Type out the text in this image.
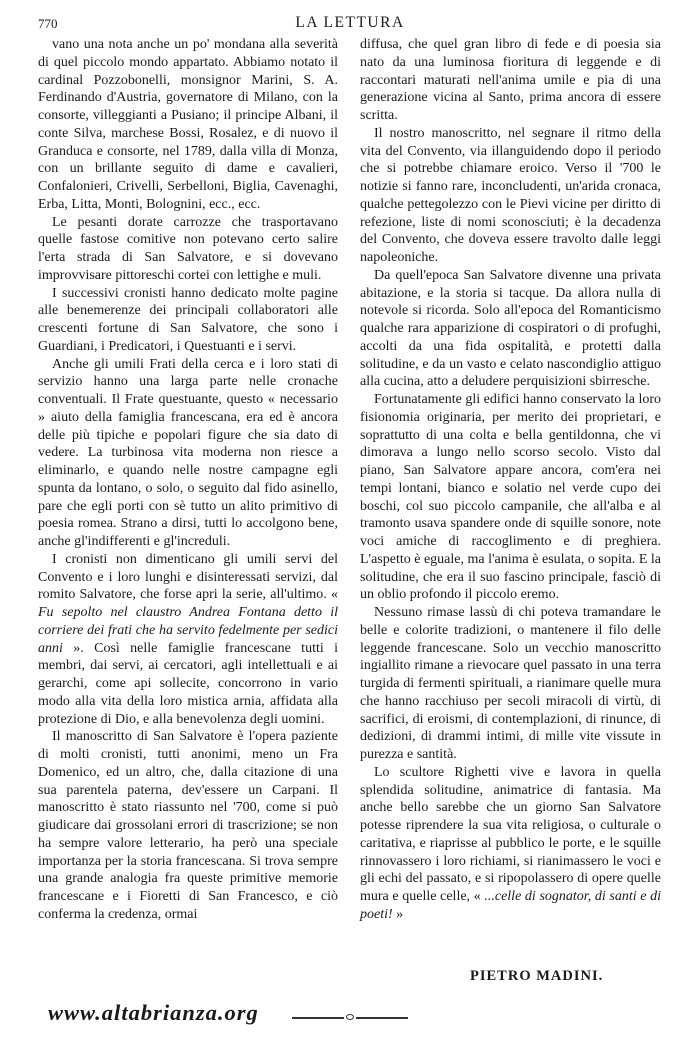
770	LA LETTURA

vano una nota anche un po' mondana alla severità di quel piccolo mondo appartato. Abbiamo notato il cardinal Pozzobonelli, monsignor Marini, S. A. Ferdinando d'Austria, governatore di Milano, con la consorte, villeggianti a Pusiano; il principe Albani, il conte Silva, marchese Bossi, Rosalez, e di nuovo il Granduca e consorte, nel 1789, dalla villa di Monza, con un brillante seguito di dame e cavalieri, Confalonieri, Crivelli, Serbelloni, Biglia, Cavenaghi, Erba, Litta, Monti, Bolognini, ecc., ecc.

Le pesanti dorate carrozze che trasportavano quelle fastose comitive non potevano certo salire l'erta strada di San Salvatore, e si dovevano improvvisare pittoreschi cortei con lettighe e muli.

I successivi cronisti hanno dedicato molte pagine alle benemerenze dei principali collaboratori alle crescenti fortune di San Salvatore, che sono i Guardiani, i Predicatori, i Questuanti e i servi.

Anche gli umili Frati della cerca e i loro stati di servizio hanno una larga parte nelle cronache conventuali. Il Frate questuante, questo « necessario » aiuto della famiglia francescana, era ed è ancora delle più tipiche e popolari figure che sia dato di vedere. La turbinosa vita moderna non riesce a eliminarlo, e quando nelle nostre campagne egli spunta da lontano, o solo, o seguito dal fido asinello, pare che egli porti con sè tutto un alito primitivo di poesia romea. Strano a dirsi, tutti lo accolgono bene, anche gl'indifferenti e gl'increduli.

I cronisti non dimenticano gli umili servi del Convento e i loro lunghi e disinteressati servizi, dal romito Salvatore, che forse apri la serie, all'ultimo. « Fu sepolto nel claustro Andrea Fontana detto il corriere dei frati che ha servito fedelmente per sedici anni ». Così nelle famiglie francescane tutti i membri, dai servi, ai cercatori, agli intellettuali e ai gerarchi, come api sollecite, concorrono in vario modo alla vita della loro mistica arnia, affidata alla protezione di Dio, e alla benevolenza degli uomini.

Il manoscritto di San Salvatore è l'opera paziente di molti cronisti, tutti anonimi, meno un Fra Domenico, ed un altro, che, dalla citazione di una sua parentela paterna, dev'essere un Carpani. Il manoscritto è stato riassunto nel '700, come si può giudicare dai grossolani errori di trascrizione; se non ha sempre valore letterario, ha però una speciale importanza per la storia francescana. Si trova sempre una grande analogia fra queste primitive memorie francescane e i Fioretti di San Francesco, e ciò conferma la credenza, ormai

diffusa, che quel gran libro di fede e di poesia sia nato da una luminosa fioritura di leggende e di raccontari maturati nell'anima umile e pia di una generazione vicina al Santo, prima ancora di essere scritta.

Il nostro manoscritto, nel segnare il ritmo della vita del Convento, via illanguidendo dopo il periodo che si potrebbe chiamare eroico. Verso il '700 le notizie si fanno rare, inconcludenti, un'arida cronaca, qualche pettegolezzo con le Pievi vicine per diritto di refezione, liste di nomi sconosciuti; è la decadenza del Convento, che doveva essere travolto dalle leggi napoleoniche.

Da quell'epoca San Salvatore divenne una privata abitazione, e la storia si tacque. Da allora nulla di notevole si ricorda. Solo all'epoca del Romanticismo qualche rara apparizione di cospiratori o di profughi, accolti da una fida ospitalità, e protetti dalla solitudine, e da un vasto e celato nascondiglio attiguo alla cucina, atto a deludere perquisizioni sbirresche.

Fortunatamente gli edifici hanno conservato la loro fisionomia originaria, per merito dei proprietari, e soprattutto di una colta e bella gentildonna, che vi dimorava a lungo nello scorso secolo. Visto dal piano, San Salvatore appare ancora, com'era nei tempi lontani, bianco e solatio nel verde cupo dei boschi, col suo piccolo campanile, che all'alba e al tramonto usava spandere onde di squille sonore, note voci amiche di raccoglimento e di preghiera. L'aspetto è eguale, ma l'anima è esulata, o sopita. E la solitudine, che era il suo fascino principale, fasciò di un oblio profondo il piccolo eremo.

Nessuno rimase lassù di chi poteva tramandare le belle e colorite tradizioni, o mantenere il filo delle leggende francescane. Solo un vecchio manoscritto ingiallito rimane a rievocare quel passato in una terra turgida di fermenti spirituali, a rianimare quelle mura che hanno racchiuso per secoli miracoli di virtù, di sacrifici, di eroismi, di contemplazioni, di rinunce, di dedizioni, di drammi intimi, di mille vite vissute in purezza e santità.

Lo scultore Righetti vive e lavora in quella splendida solitudine, animatrice di fantasia. Ma anche bello sarebbe che un giorno San Salvatore potesse riprendere la sua vita religiosa, o culturale o caritativa, e riaprisse al pubblico le porte, e le squille rinnovassero i loro richiami, si rianimassero le voci e gli echi del passato, e si ripopolassero di opere quelle mura e quelle celle, « ...celle di sognator, di santi e di poeti! »

PIETRO MADINI.
www.altabrianza.org
